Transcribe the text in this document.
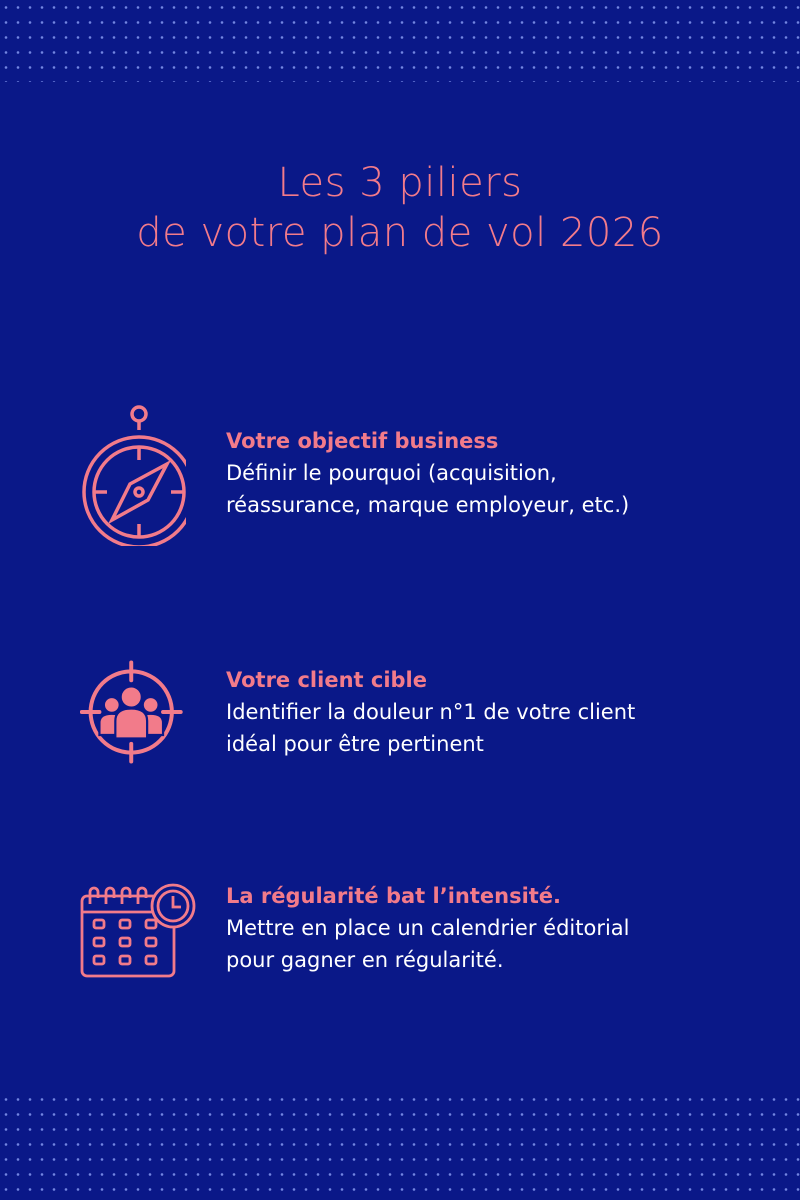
Les 3 piliers
de votre plan de vol 2026
Votre objectif business
Définir le pourquoi (acquisition,
réassurance, marque employeur, etc.)
Votre client cible
Identifier la douleur n°1 de votre client
idéal pour être pertinent
La régularité bat l’intensité.
Mettre en place un calendrier éditorial
pour gagner en régularité.
